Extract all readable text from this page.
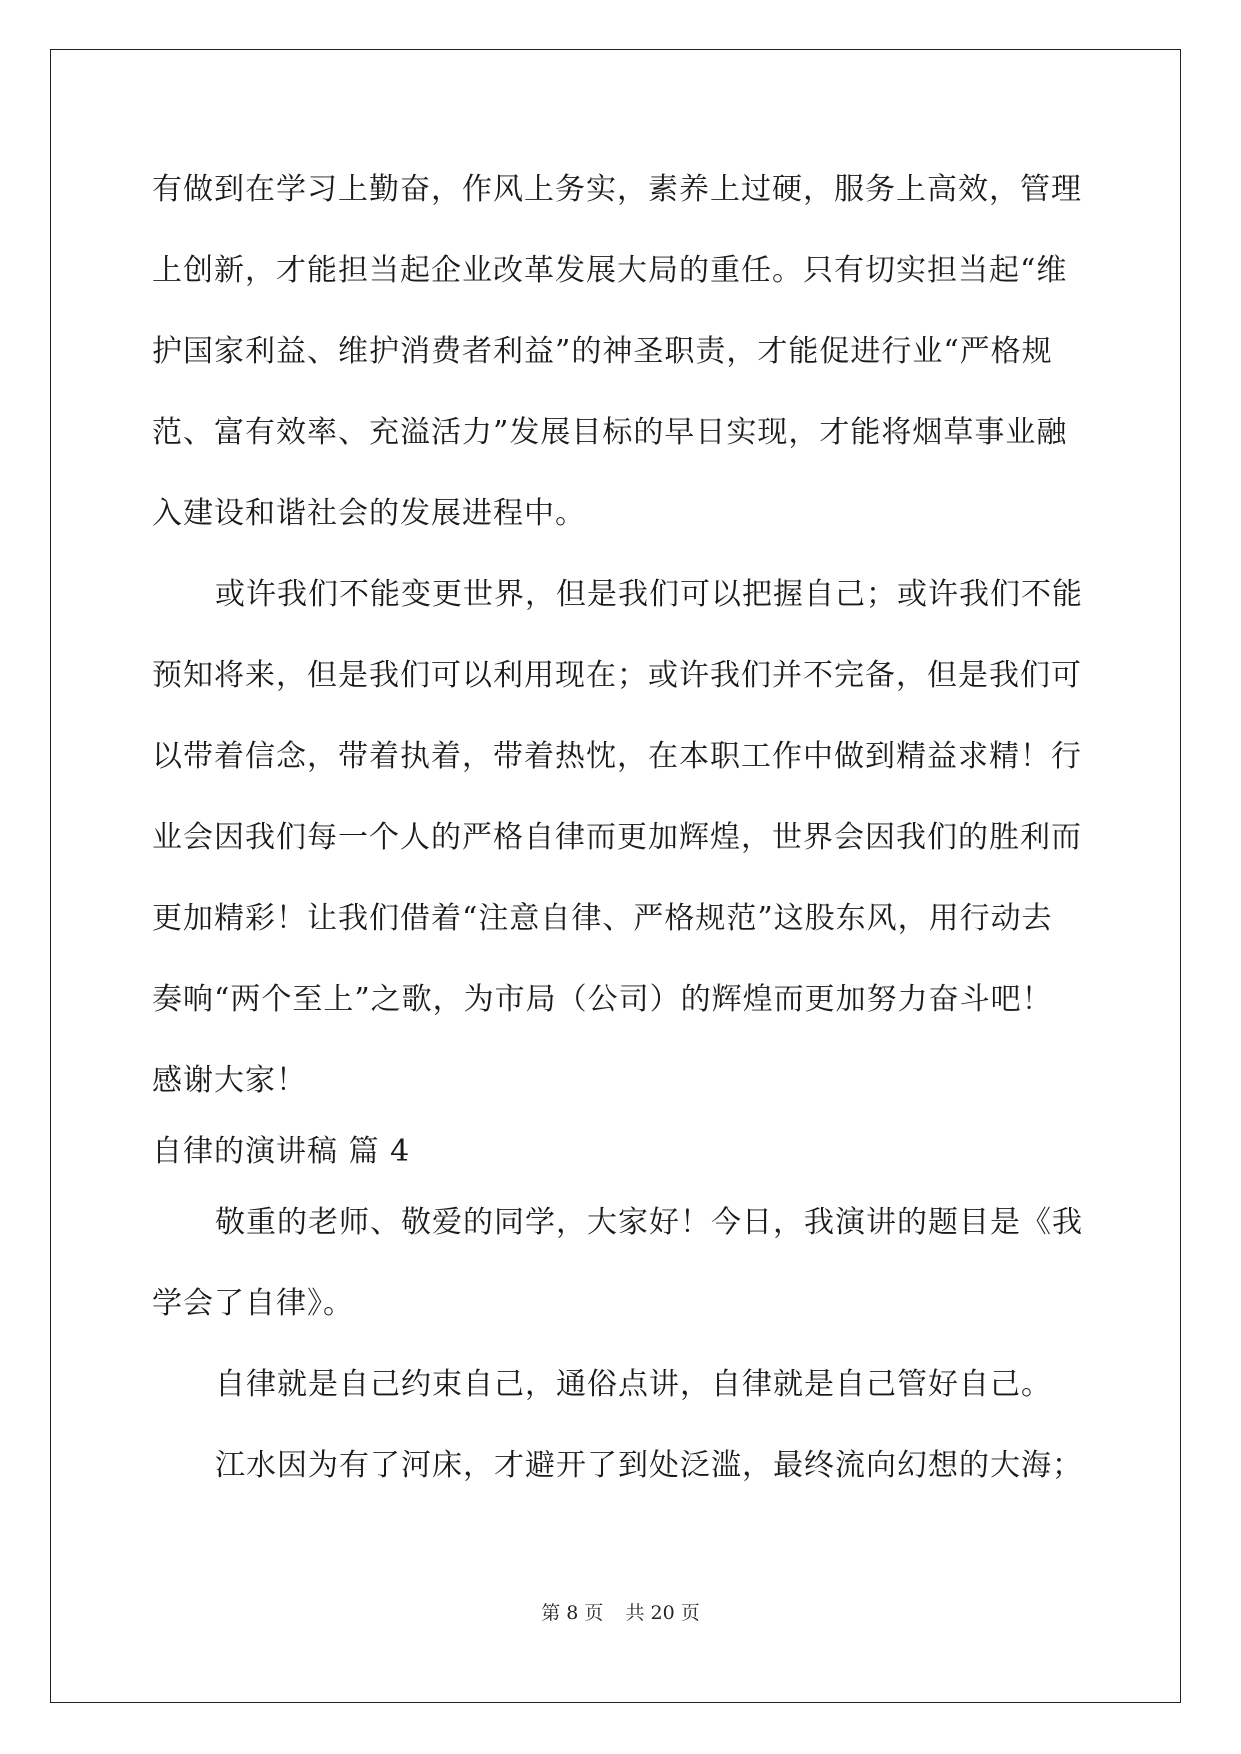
有做到在学习上勤奋，作风上务实，素养上过硬，服务上高效，管理
上创新，才能担当起企业改革发展大局的重任。只有切实担当起“维
护国家利益、维护消费者利益”的神圣职责，才能促进行业“严格规
范、富有效率、充溢活力”发展目标的早日实现，才能将烟草事业融
入建设和谐社会的发展进程中。
或许我们不能变更世界，但是我们可以把握自己；或许我们不能
预知将来，但是我们可以利用现在；或许我们并不完备，但是我们可
以带着信念，带着执着，带着热忱，在本职工作中做到精益求精！行
业会因我们每一个人的严格自律而更加辉煌，世界会因我们的胜利而
更加精彩！让我们借着“注意自律、严格规范”这股东风，用行动去
奏响“两个至上”之歌，为市局（公司）的辉煌而更加努力奋斗吧！
感谢大家！
自律的演讲稿 篇 4
敬重的老师、敬爱的同学，大家好！今日，我演讲的题目是《我
学会了自律》。
自律就是自己约束自己，通俗点讲，自律就是自己管好自己。
江水因为有了河床，才避开了到处泛滥，最终流向幻想的大海；
第 8 页 共 20 页
